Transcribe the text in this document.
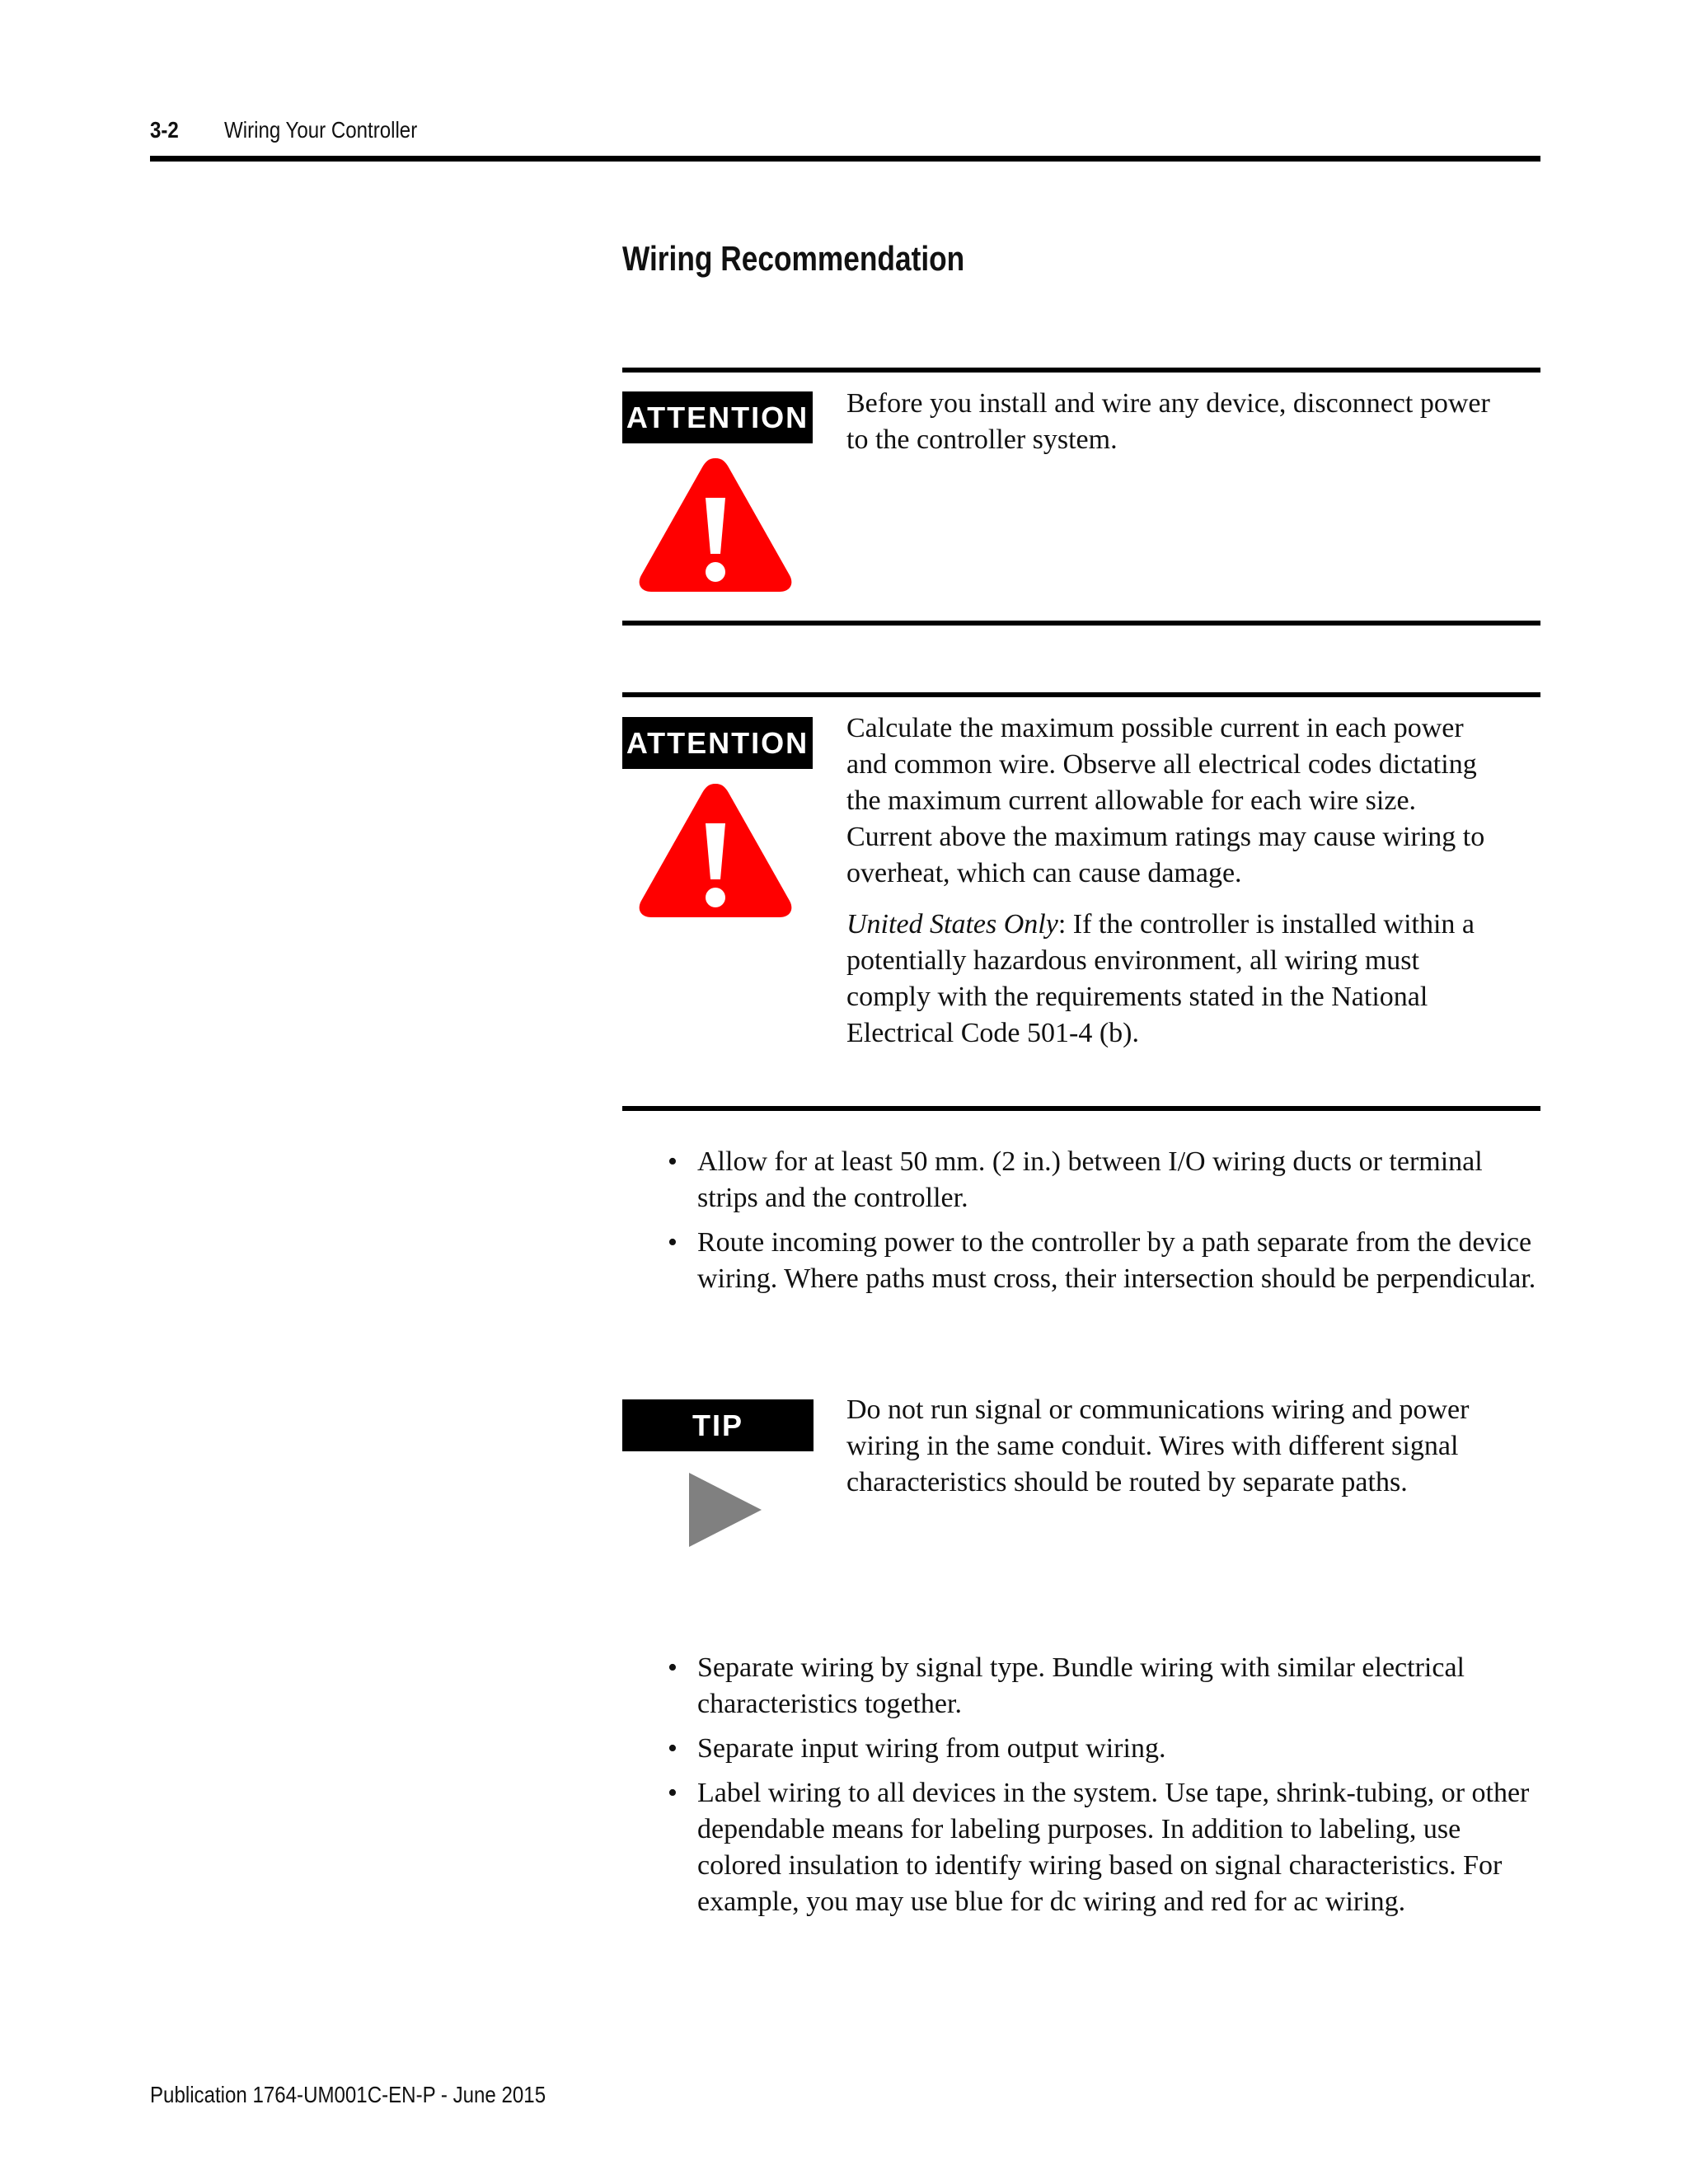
3-2 Wiring Your Controller
Wiring Recommendation
ATTENTION Before you install and wire any device, disconnect power to the controller system.

ATTENTION Calculate the maximum possible current in each power and common wire. Observe all electrical codes dictating the maximum current allowable for each wire size. Current above the maximum ratings may cause wiring to overheat, which can cause damage.

United States Only: If the controller is installed within a potentially hazardous environment, all wiring must comply with the requirements stated in the National Electrical Code 501-4 (b).

• Allow for at least 50 mm. (2 in.) between I/O wiring ducts or terminal strips and the controller.
• Route incoming power to the controller by a path separate from the device wiring. Where paths must cross, their intersection should be perpendicular.
TIP	Do not run signal or communications wiring and power wiring in the same conduit. Wires with different signal characteristics should be routed by separate paths.

• Separate wiring by signal type. Bundle wiring with similar electrical characteristics together.
• Separate input wiring from output wiring.
• Label wiring to all devices in the system. Use tape, shrink-tubing, or other dependable means for labeling purposes. In addition to labeling, use colored insulation to identify wiring based on signal characteristics. For example, you may use blue for dc wiring and red for ac wiring.
Publication 1764-UM001C-EN-P - June 2015
